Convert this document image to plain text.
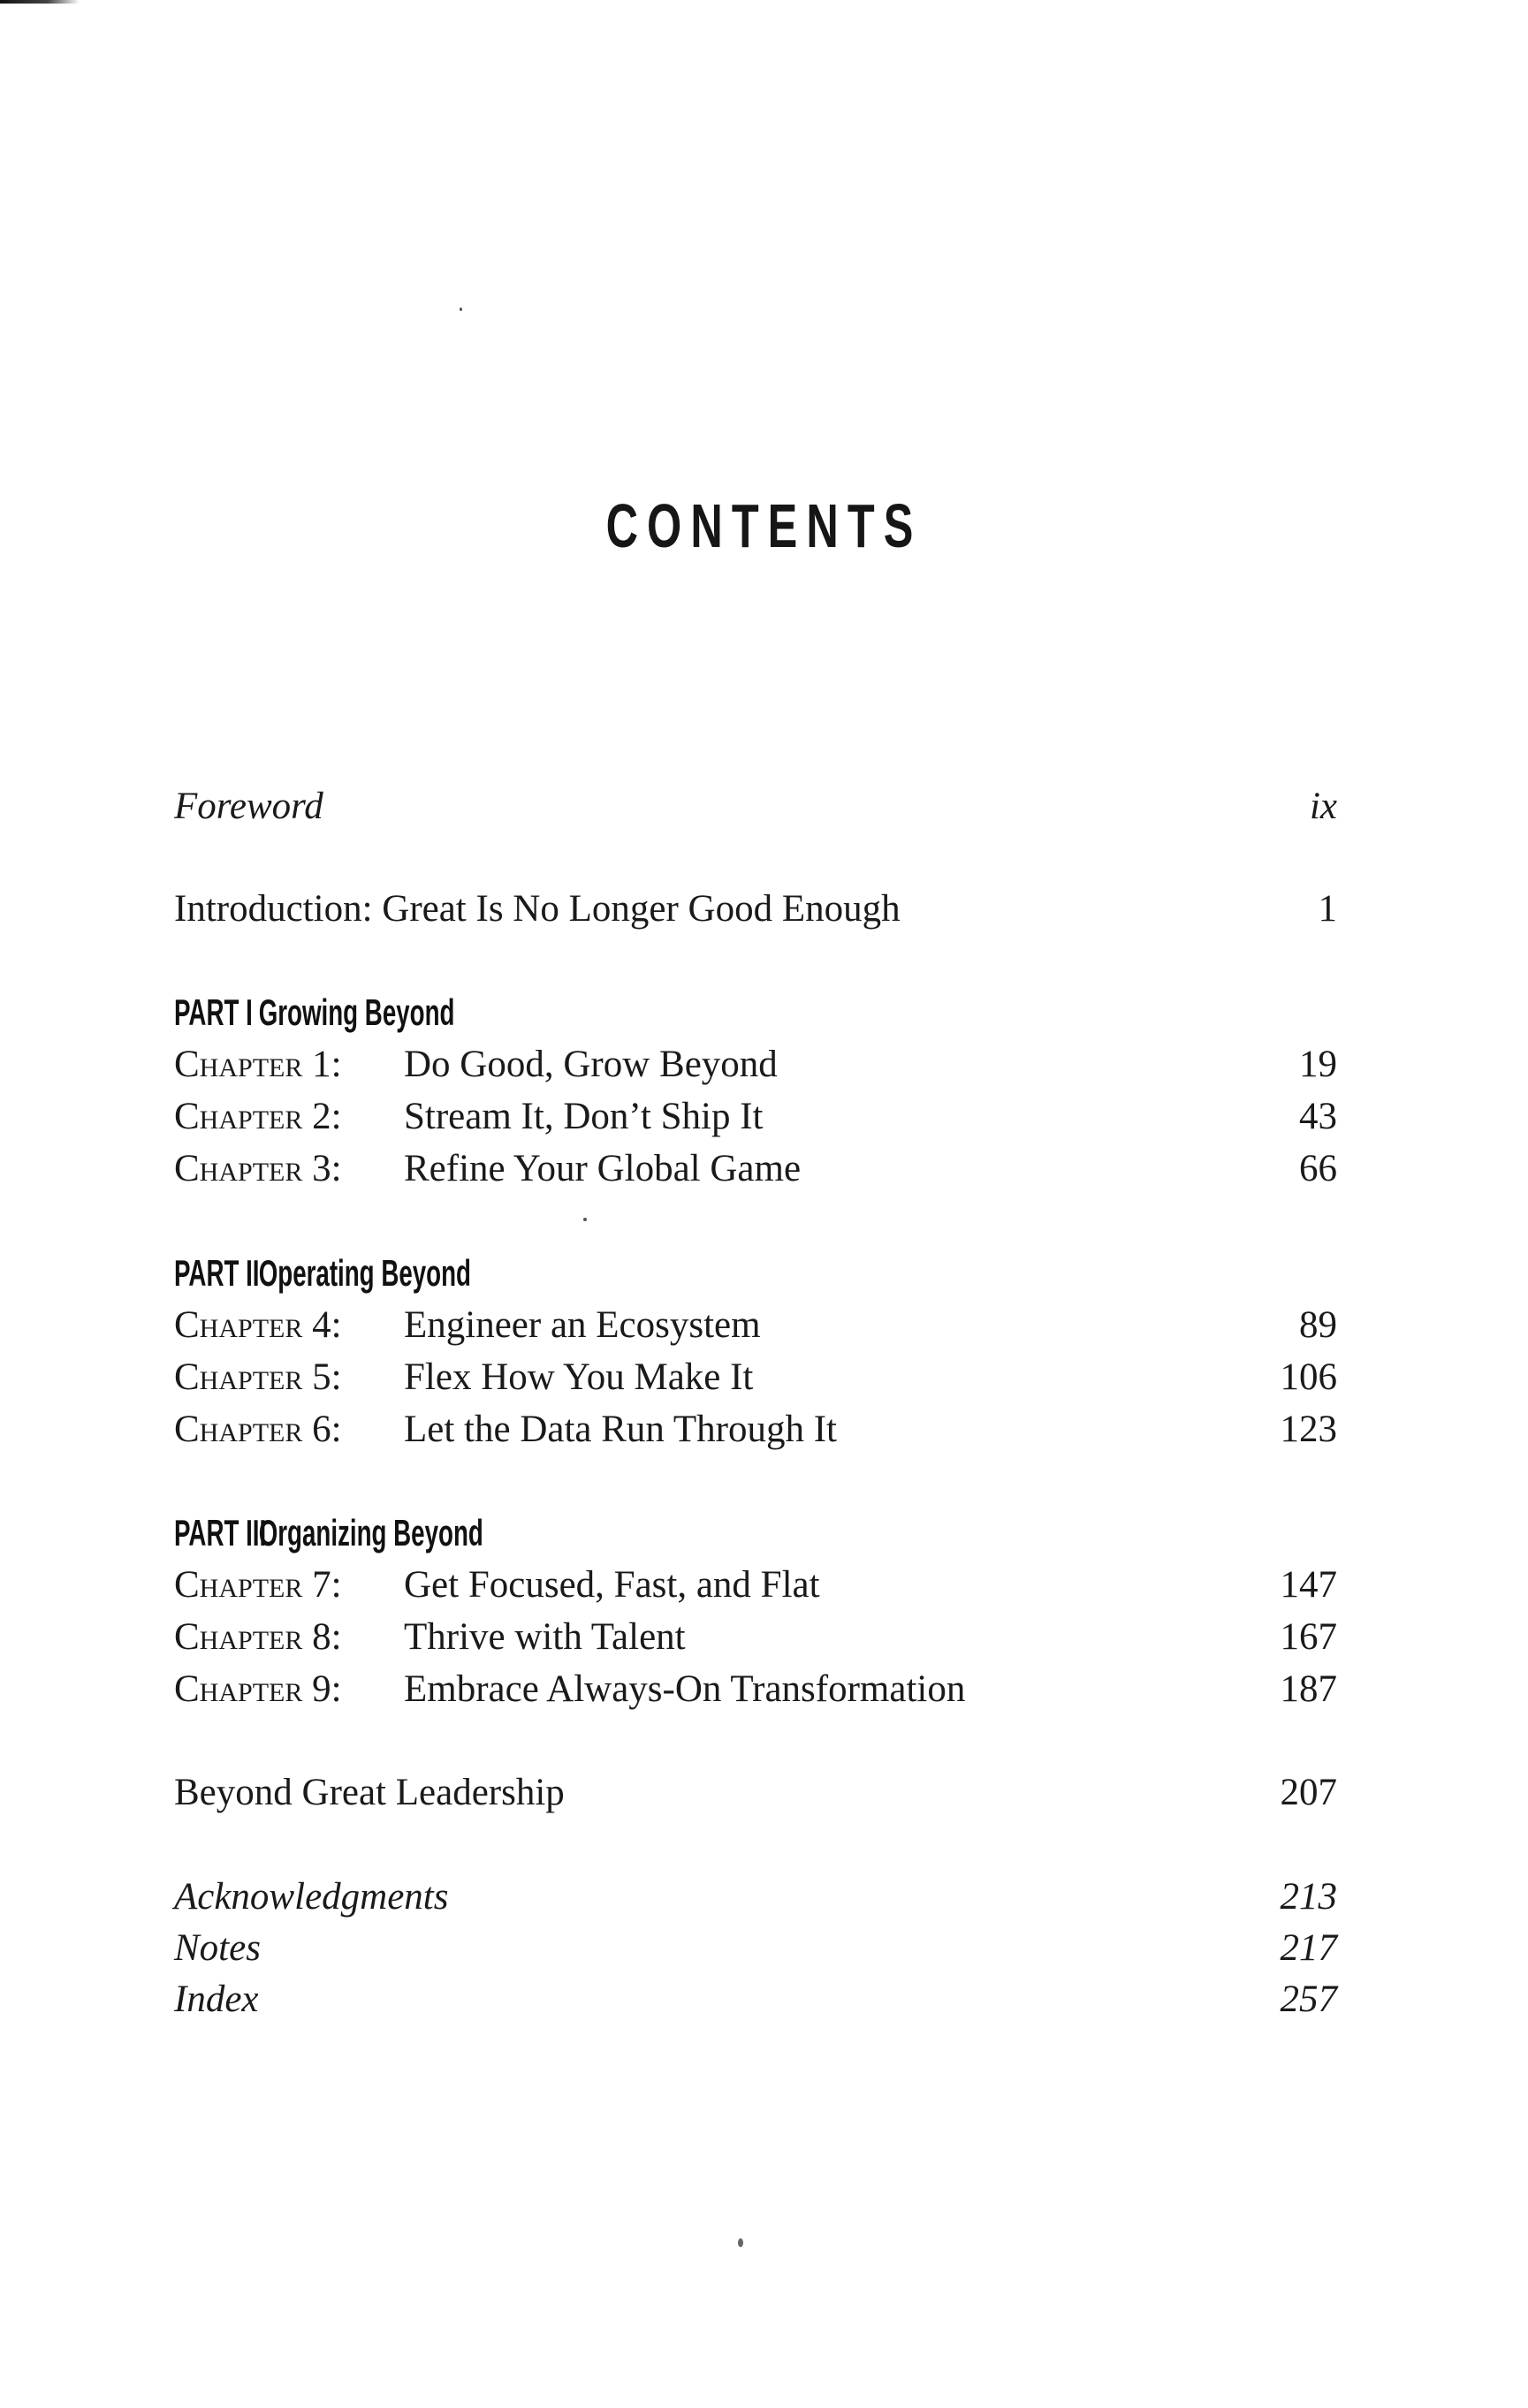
CONTENTS
Foreword	ix
Introduction: Great Is No Longer Good Enough	1
PART I Growing Beyond
Chapter 1: Do Good, Grow Beyond	19
Chapter 2: Stream It, Don’t Ship It	43
Chapter 3: Refine Your Global Game	66
PART IIOperating Beyond
Chapter 4: Engineer an Ecosystem	89
Chapter 5: Flex How You Make It	106
Chapter 6: Let the Data Run Through It	123
PART IIIOrganizing Beyond
Chapter 7: Get Focused, Fast, and Flat	147
Chapter 8: Thrive with Talent	167
Chapter 9: Embrace Always-On Transformation	187
Beyond Great Leadership	207
Acknowledgments	213
Notes	217
Index	257
